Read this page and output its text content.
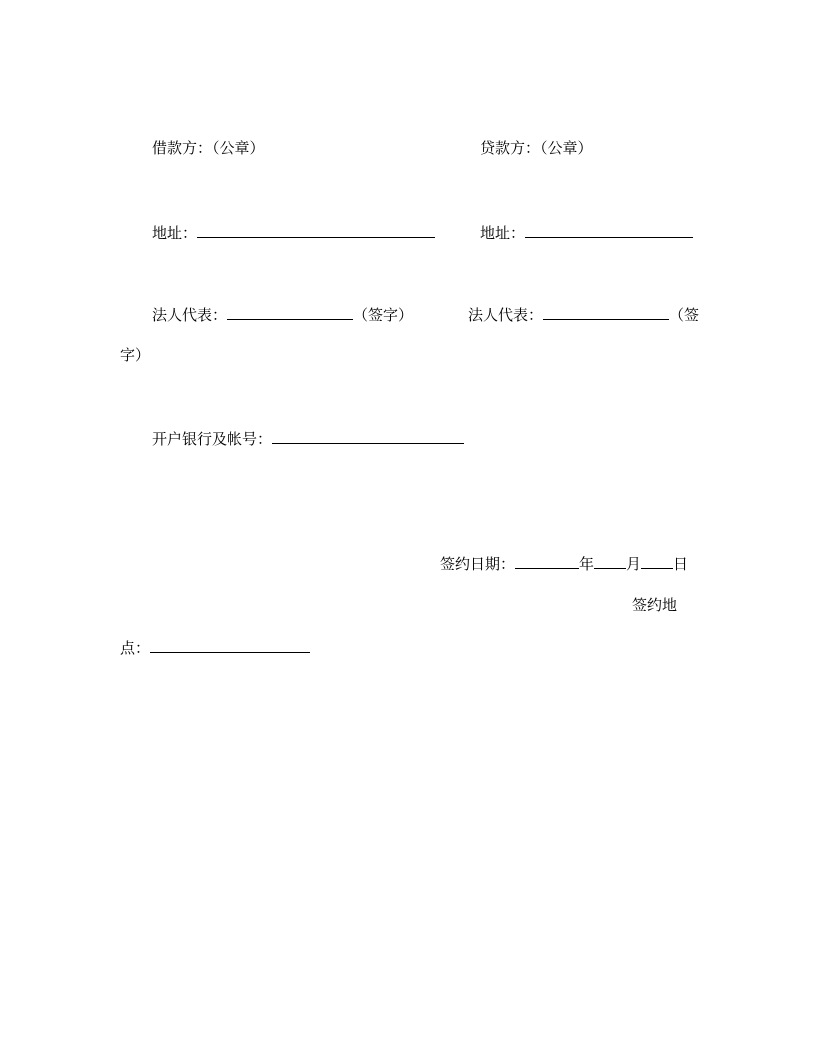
借款方：（公章）	贷款方：（公章）
地址：	地址：
法人代表：	（签字）	法人代表：	（签
字）
开户银行及帐号：
签约日期：	年 月 日
签约地
点：
